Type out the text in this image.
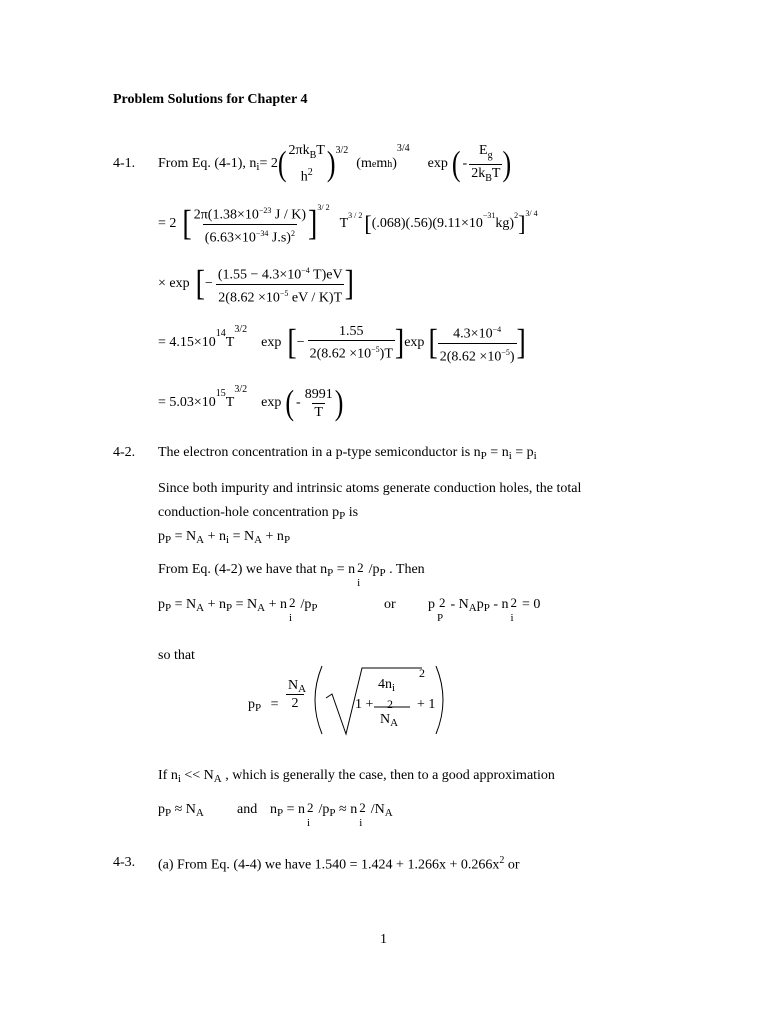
Problem Solutions for Chapter 4
4-1. From Eq. (4-1), n i = 2 ( $2\pi k_BT$
$h^2$ )$^{3/2}$
(m e m h )
3/4
exp ( - $\frac{E_g}{2k_BT}$ )
= 2 [ $\frac{2\pi(1.38\times 10^{-23} J / K)}{(6.63\times 10^{-34} J.s)^2} ]^{3/ 2}$
T
$^{3 / 2}$ [ (.068)(.56)(9.11×10
$^{-31}$
kg)
$^2$ ]$^{3/ 4}$
× exp [ − $\frac{(1.55 - 4.3\times 10^{-4} T)eV}{2(8.62 \times 10^{-5} eV / K)T}$ ]
= 4.15×10
$^{14}$
T
3/2
exp [ − $\frac{1.55}{2(8.62 \times 10^{-5})T}$ ] exp [ $\frac{4.3\times 10^{-4}}{2(8.62 \times 10^{-5})}$ ]
= 5.03×10
$^{15}$
T
3/2
exp ( - $\frac{8991}{T}$ )
4-2. The electron concentration in a p-type semiconductor is $n_P = n_i = p_i$
Since both impurity and intrinsic atoms generate conduction holes, the total
conduction-hole concentration $p_P$ is
$p_P = N_A + n_i = N_A + n_P$
From Eq. (4-2) we have that $n_P = n$ 2
i
$/p_P$ . Then
$p_P = N_A + n_P = N_A + n$ 2
i
$/p_P$	or p 2
P
- $N_Ap_P$ - n 2
i
= 0
so that
$p_P$ =
$N_A$
2	1 +
2
$4n_i$
2
$N_A$
+ 1
If $n_i << N_A$ , which is generally the case, then to a good approximation
$p_P \approx N_A$ and $n_P = n$ 2
i
$/p_P \approx n$ 2
i
$/N_A$
4-3. (a) From Eq. (4-4) we have $1.540 = 1.424 + 1.266x + 0.266x^2$ or
1
